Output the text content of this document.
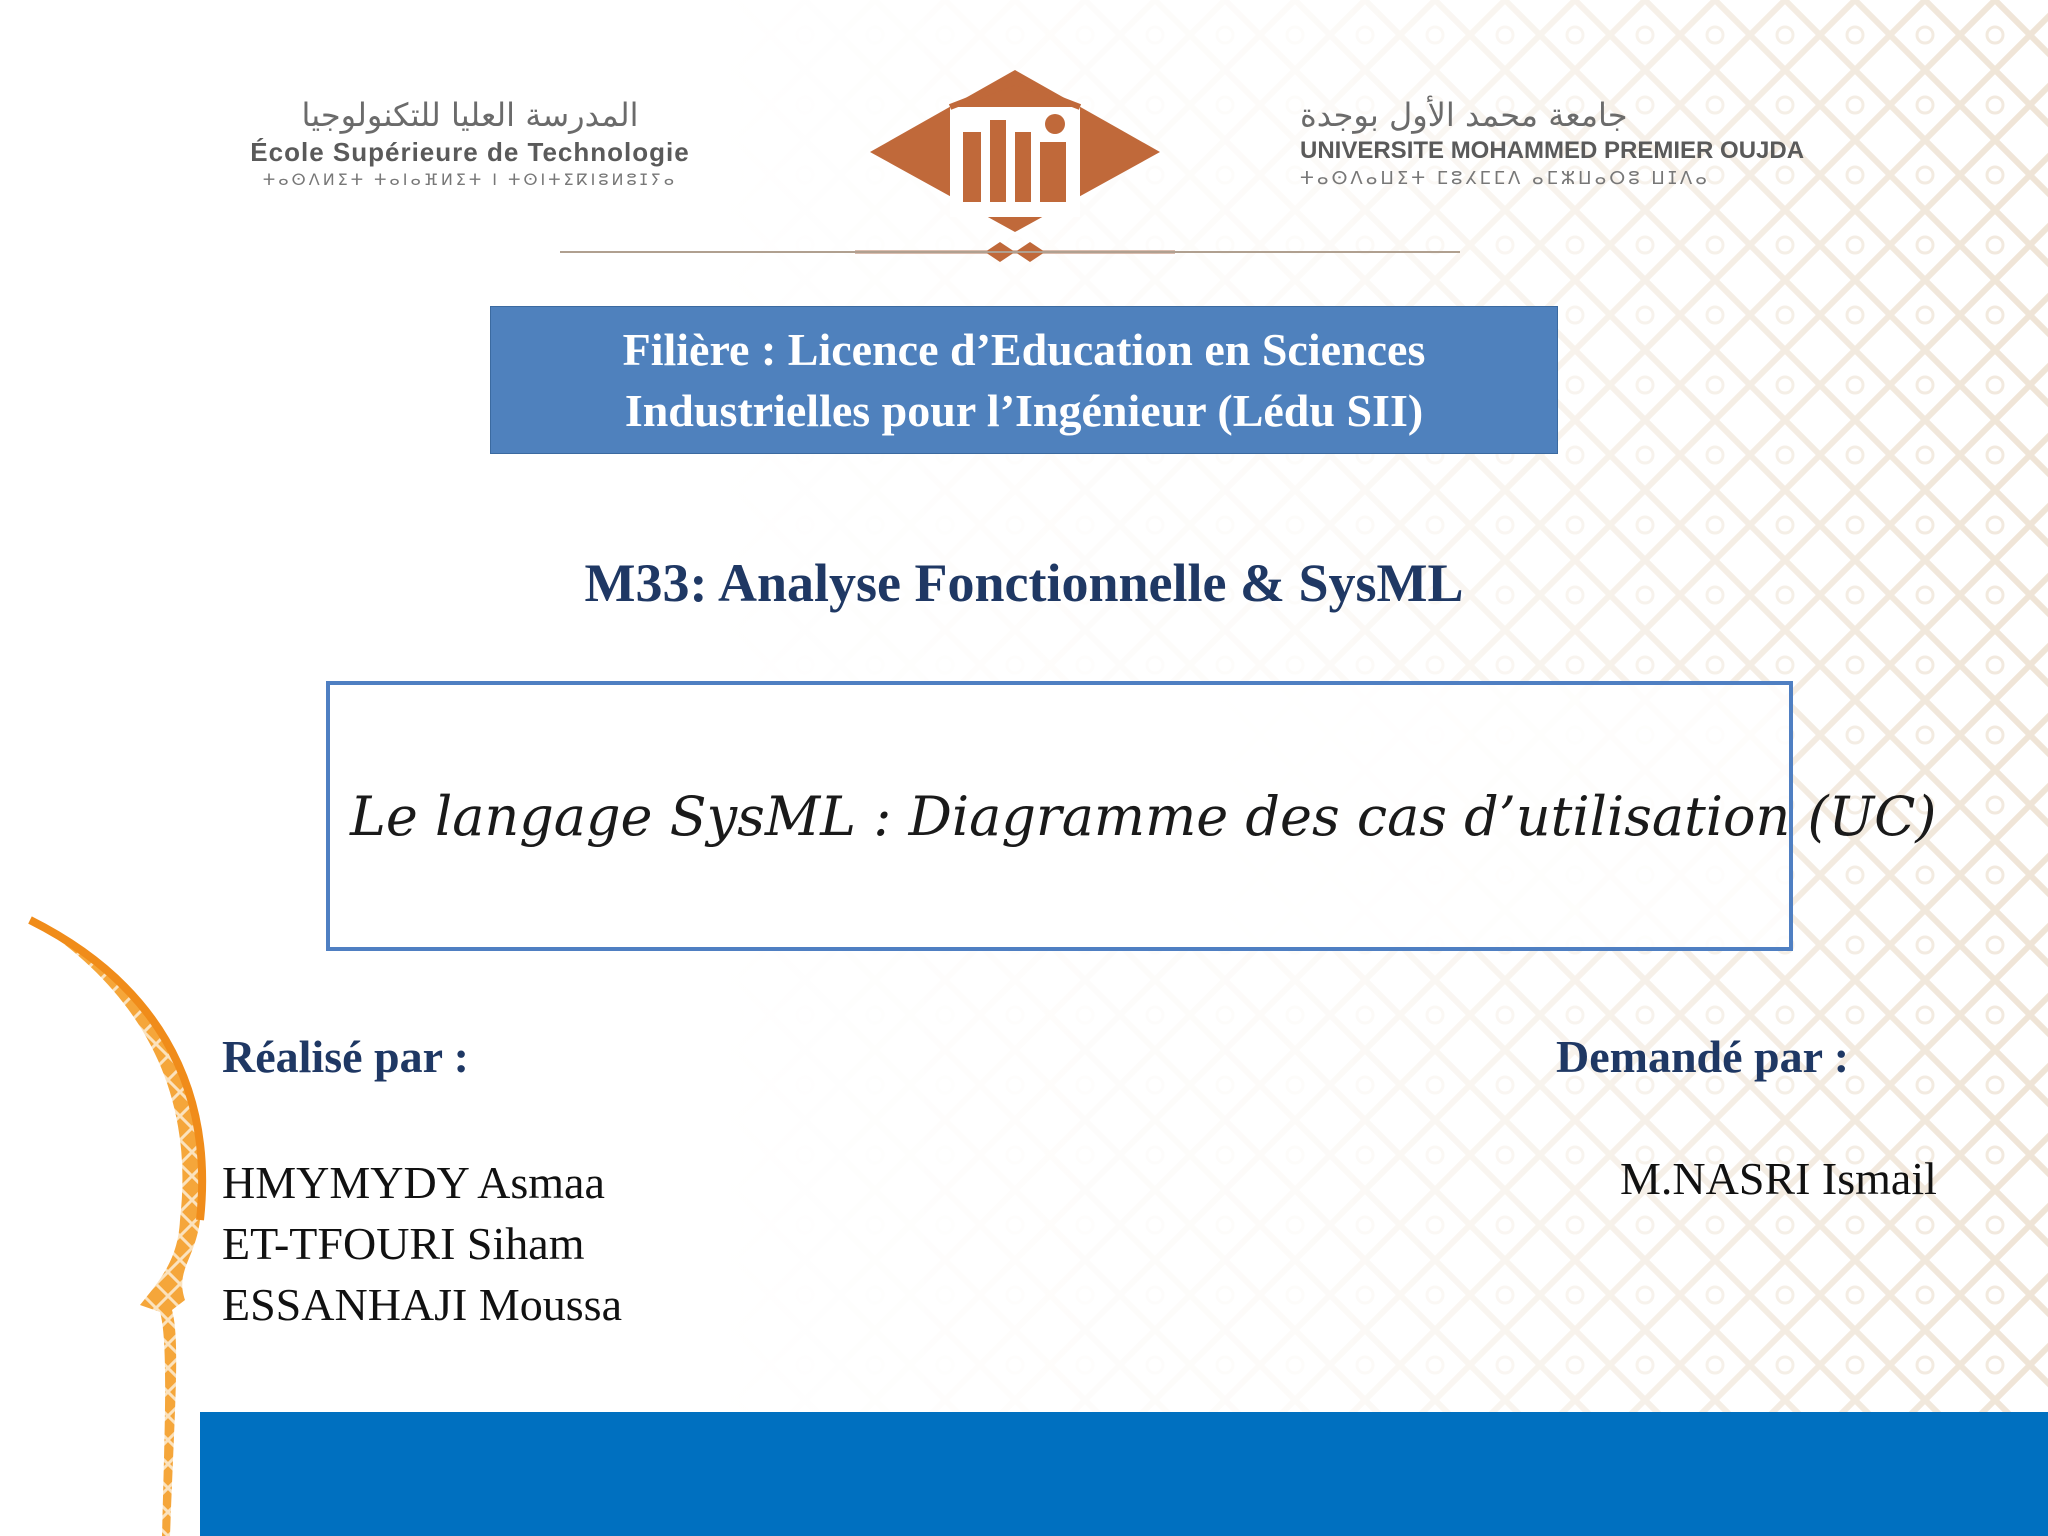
المدرسة العليا للتكنولوجيا
École Supérieure de Technologie
ⵜⴰⵙⴷⵍⵉⵜ ⵜⴰⵏⴰⴼⵍⵉⵜ ⵏ ⵜⵙⵏⵜⵉⴽⵏⵓⵍⵓⵊⵢⴰ
جامعة محمد الأول بوجدة
UNIVERSITE MOHAMMED PREMIER OUJDA
ⵜⴰⵙⴷⴰⵡⵉⵜ ⵎⵓⵃⵎⵎⴷ ⴰⵎⵣⵡⴰⵔⵓ ⵡⵊⴷⴰ
Filière : Licence d’Education en Sciences
Industrielles pour l’Ingénieur (Lédu SII)
M33: Analyse Fonctionnelle & SysML
Le langage SysML : Diagramme des cas d’utilisation (UC)
Réalisé par :
HMYMYDY Asmaa
ET-TFOURI Siham
ESSANHAJI Moussa
Demandé par :
M.NASRI Ismail
